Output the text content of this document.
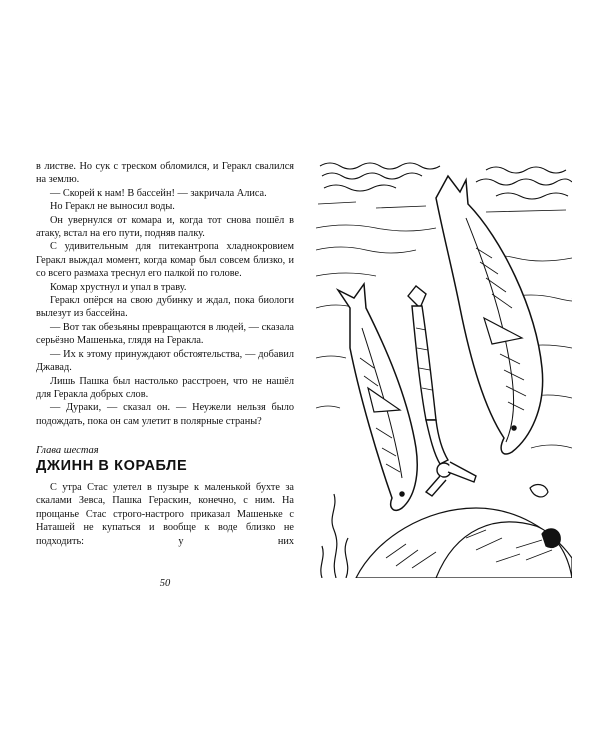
в листве. Но сук с треском обломился, и Геракл свалился на землю.

— Скорей к нам! В бассейн! — закричала Алиса.

Но Геракл не выносил воды.

Он увернулся от комара и, когда тот снова пошёл в атаку, встал на его пути, подняв палку.

С удивительным для питекантропа хладнокровием Геракл выждал момент, когда комар был совсем близко, и со всего размаха треснул его палкой по голове.

Комар хрустнул и упал в траву.

Геракл опёрся на свою дубинку и ждал, пока биологи вылезут из бассейна.

— Вот так обезьяны превращаются в людей, — сказала серьёзно Машенька, глядя на Геракла.

— Их к этому принуждают обстоятельства, — добавил Джавад.

Лишь Пашка был настолько расстроен, что не нашёл для Геракла добрых слов.

— Дураки, — сказал он. — Неужели нельзя было подождать, пока он сам улетит в полярные страны?

Глава шестая
ДЖИНН В КОРАБЛЕ

С утра Стас улетел в пузыре к маленькой бухте за скалами Зевса, Пашка Гераскин, конечно, с ним. На прощанье Стас строго-настрого приказал Машеньке с Наташей не купаться и вообще к воде близко не подходить: у них

50
